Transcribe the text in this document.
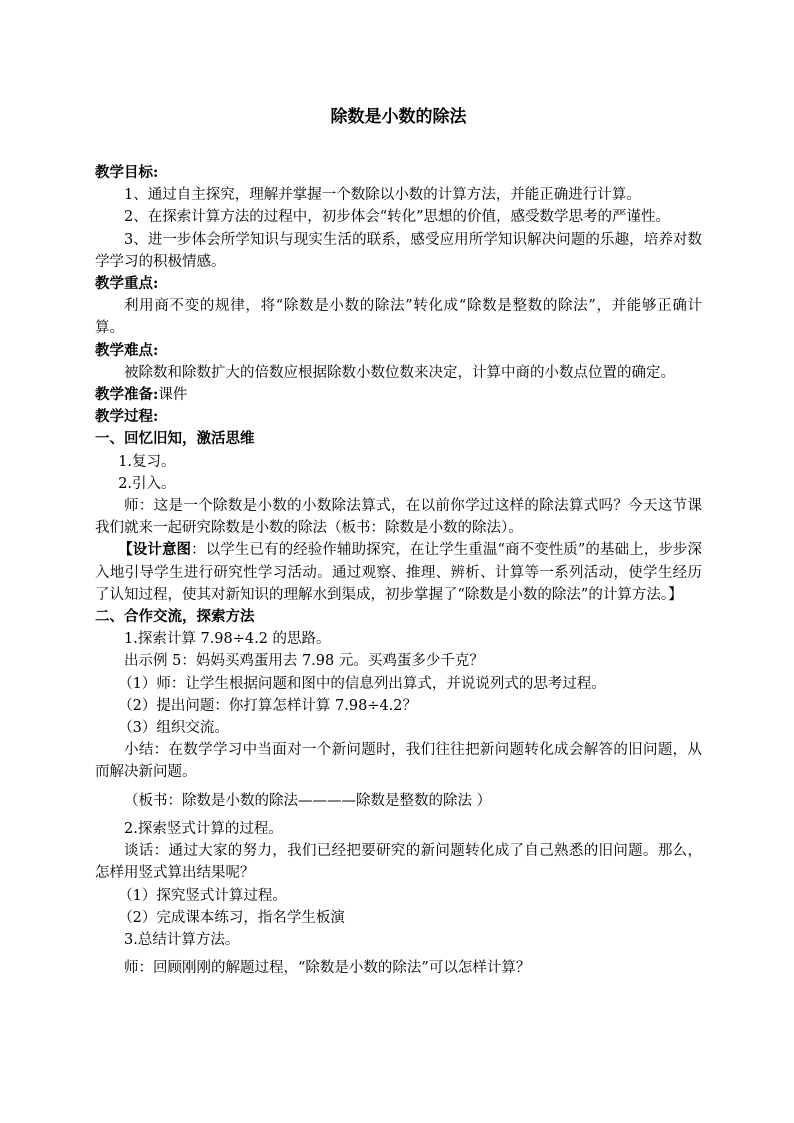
除数是小数的除法

教学目标:

1、通过自主探究，理解并掌握一个数除以小数的计算方法，并能正确进行计算。

2、在探索计算方法的过程中，初步体会“转化”思想的价值，感受数学思考的严谨性。

3、进一步体会所学知识与现实生活的联系，感受应用所学知识解决问题的乐趣，培养对数学学习的积极情感。

教学重点:

利用商不变的规律，将“除数是小数的除法”转化成“除数是整数的除法”，并能够正确计算。

教学难点:

被除数和除数扩大的倍数应根据除数小数位数来决定，计算中商的小数点位置的确定。

教学准备:课件

教学过程:

一、回忆旧知，激活思维

1.复习。

2.引入。

师：这是一个除数是小数的小数除法算式，在以前你学过这样的除法算式吗？今天这节课我们就来一起研究除数是小数的除法（板书：除数是小数的除法）。

【设计意图：以学生已有的经验作辅助探究，在让学生重温“商不变性质”的基础上，步步深入地引导学生进行研究性学习活动。通过观察、推理、辨析、计算等一系列活动，使学生经历了认知过程，使其对新知识的理解水到渠成，初步掌握了“除数是小数的除法”的计算方法。】

二、合作交流，探索方法

1.探索计算 7.98÷4.2 的思路。

出示例 5：妈妈买鸡蛋用去 7.98 元。买鸡蛋多少千克？

（1）师：让学生根据问题和图中的信息列出算式，并说说列式的思考过程。

（2）提出问题：你打算怎样计算 7.98÷4.2？

（3）组织交流。

小结：在数学学习中当面对一个新问题时，我们往往把新问题转化成会解答的旧问题，从而解决新问题。

（板书：除数是小数的除法————除数是整数的除法 ）

2.探索竖式计算的过程。

谈话：通过大家的努力，我们已经把要研究的新问题转化成了自己熟悉的旧问题。那么，怎样用竖式算出结果呢？

（1）探究竖式计算过程。

（2）完成课本练习，指名学生板演

3.总结计算方法。

师：回顾刚刚的解题过程，“除数是小数的除法”可以怎样计算？
